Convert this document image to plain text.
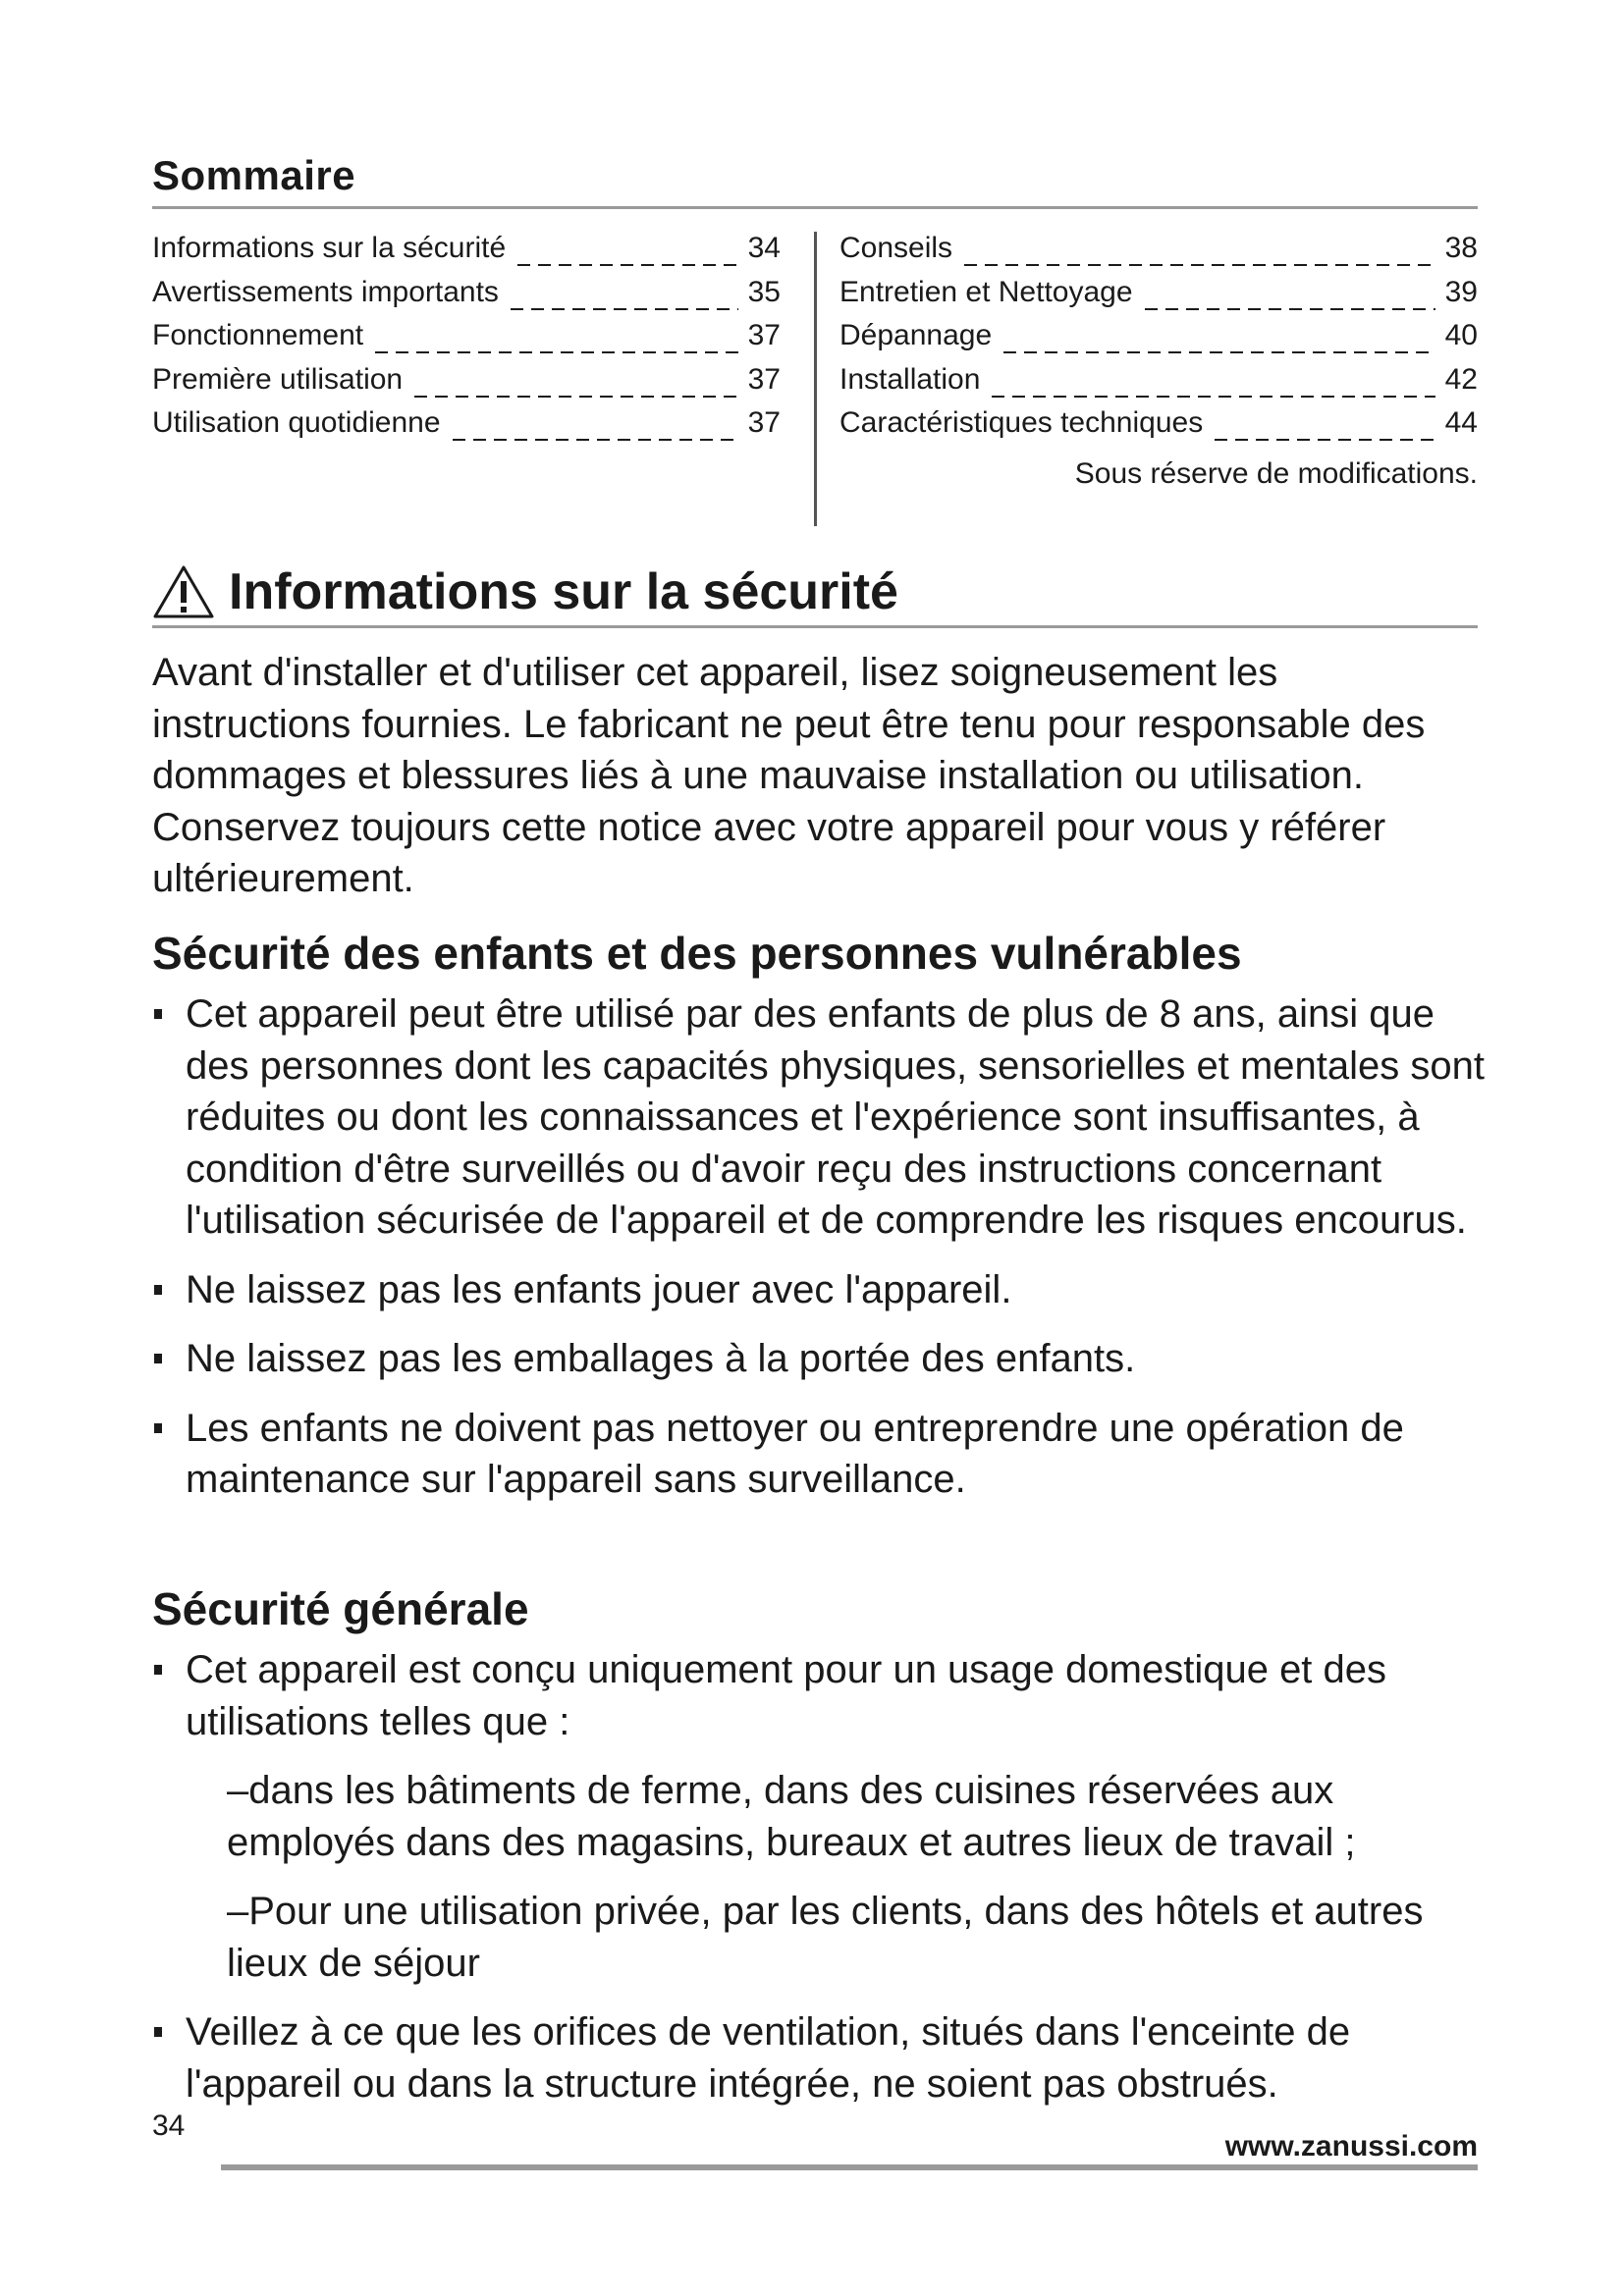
Sommaire
Informations sur la sécurité	34
Avertissements importants	35
Fonctionnement	37
Première utilisation	37
Utilisation quotidienne	37
Conseils	38
Entretien et Nettoyage	39
Dépannage	40
Installation	42
Caractéristiques techniques	44
Sous réserve de modifications.
Informations sur la sécurité
Avant d'installer et d'utiliser cet appareil, lisez soigneusement les instructions fournies. Le fabricant ne peut être tenu pour responsable des dommages et blessures liés à une mauvaise installation ou utilisation. Conservez toujours cette notice avec votre appareil pour vous y référer ultérieurement.
Sécurité des enfants et des personnes vulnérables
Cet appareil peut être utilisé par des enfants de plus de 8 ans, ainsi que des personnes dont les capacités physiques, sensorielles et mentales sont réduites ou dont les connaissances et l'expérience sont insuffisantes, à condition d'être surveillés ou d'avoir reçu des instructions concernant l'utilisation sécurisée de l'appareil et de comprendre les risques encourus.
Ne laissez pas les enfants jouer avec l'appareil.
Ne laissez pas les emballages à la portée des enfants.
Les enfants ne doivent pas nettoyer ou entreprendre une opération de maintenance sur l'appareil sans surveillance.
Sécurité générale
Cet appareil est conçu uniquement pour un usage domestique et des utilisations telles que :
–dans les bâtiments de ferme, dans des cuisines réservées aux employés dans des magasins, bureaux et autres lieux de travail ;
–Pour une utilisation privée, par les clients, dans des hôtels et autres lieux de séjour
Veillez à ce que les orifices de ventilation, situés dans l'enceinte de l'appareil ou dans la structure intégrée, ne soient pas obstrués.
34
www.zanussi.com
